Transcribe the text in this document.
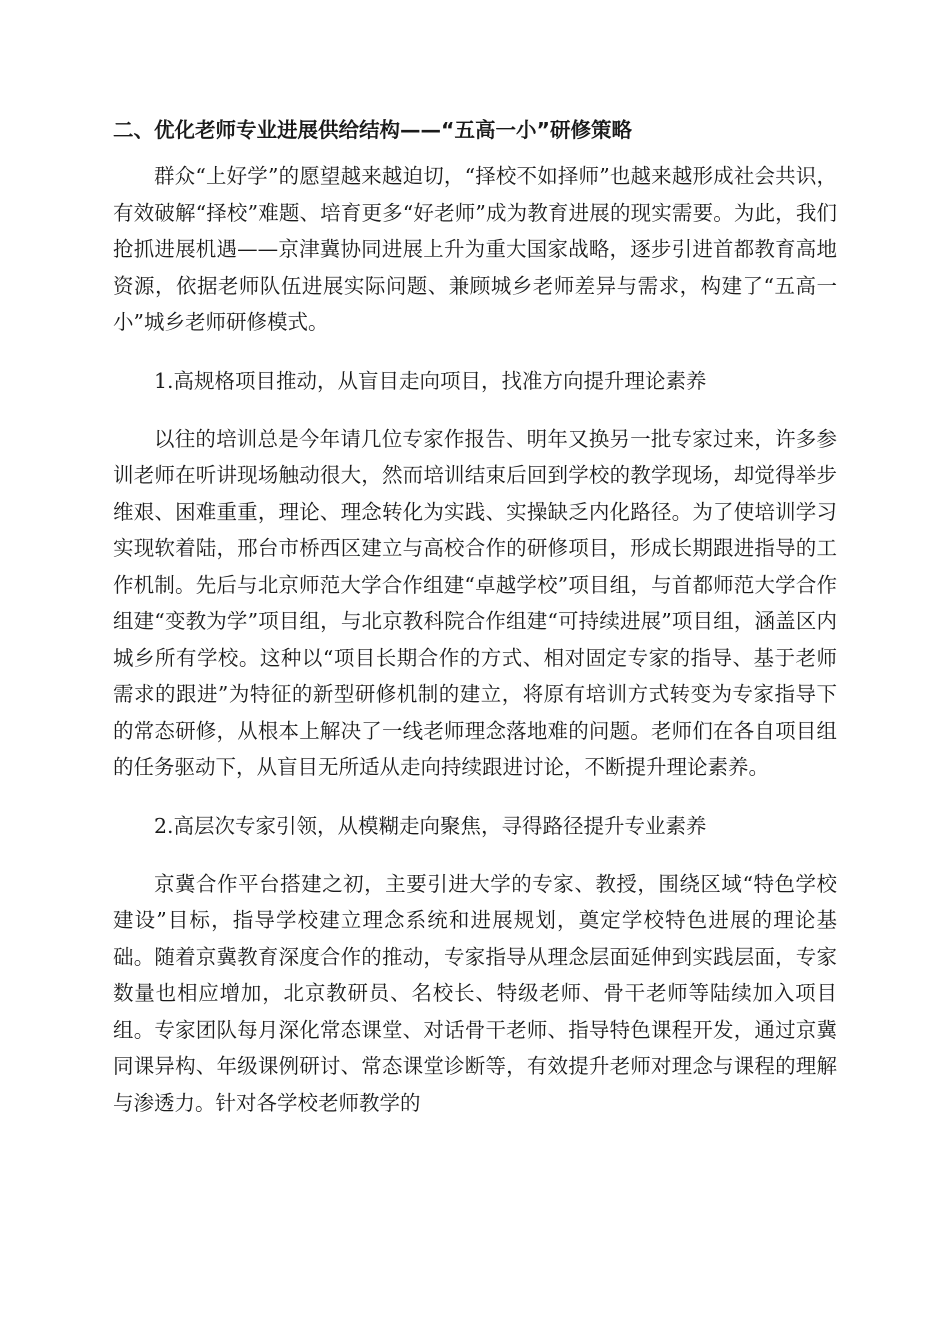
二、优化老师专业进展供给结构——“五高一小”研修策略

群众“上好学”的愿望越来越迫切，“择校不如择师”也越来越形成社会共识，有效破解“择校”难题、培育更多“好老师”成为教育进展的现实需要。为此，我们抢抓进展机遇——京津冀协同进展上升为重大国家战略，逐步引进首都教育高地资源，依据老师队伍进展实际问题、兼顾城乡老师差异与需求，构建了“五高一小”城乡老师研修模式。

1.高规格项目推动，从盲目走向项目，找准方向提升理论素养

以往的培训总是今年请几位专家作报告、明年又换另一批专家过来，许多参训老师在听讲现场触动很大，然而培训结束后回到学校的教学现场，却觉得举步维艰、困难重重，理论、理念转化为实践、实操缺乏内化路径。为了使培训学习实现软着陆，邢台市桥西区建立与高校合作的研修项目，形成长期跟进指导的工作机制。先后与北京师范大学合作组建“卓越学校”项目组，与首都师范大学合作组建“变教为学”项目组，与北京教科院合作组建“可持续进展”项目组，涵盖区内城乡所有学校。这种以“项目长期合作的方式、相对固定专家的指导、基于老师需求的跟进”为特征的新型研修机制的建立，将原有培训方式转变为专家指导下的常态研修，从根本上解决了一线老师理念落地难的问题。老师们在各自项目组的任务驱动下，从盲目无所适从走向持续跟进讨论，不断提升理论素养。

2.高层次专家引领，从模糊走向聚焦，寻得路径提升专业素养

京冀合作平台搭建之初，主要引进大学的专家、教授，围绕区域“特色学校建设”目标，指导学校建立理念系统和进展规划，奠定学校特色进展的理论基础。随着京冀教育深度合作的推动，专家指导从理念层面延伸到实践层面，专家数量也相应增加，北京教研员、名校长、特级老师、骨干老师等陆续加入项目组。专家团队每月深化常态课堂、对话骨干老师、指导特色课程开发，通过京冀同课异构、年级课例研讨、常态课堂诊断等，有效提升老师对理念与课程的理解与渗透力。针对各学校老师教学的
